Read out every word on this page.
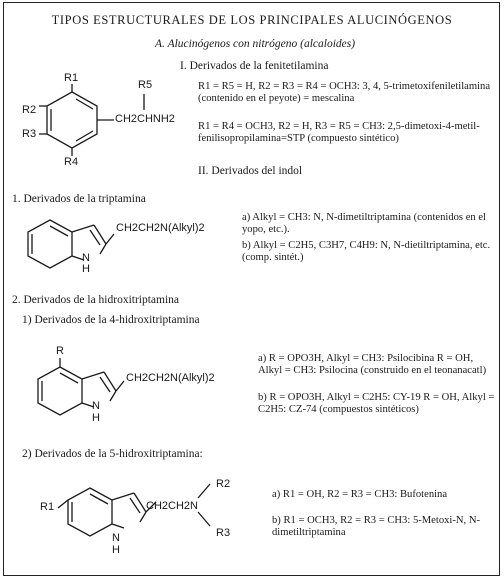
TIPOS ESTRUCTURALES DE LOS PRINCIPALES ALUCINÓGENOS
A. Alucinógenos con nitrógeno (alcaloides)
I. Derivados de la fenitetilamina
R1
R2
R3
R4
R5
CH2CHNH2
R1 = R5 = H, R2 = R3 = R4 = OCH3: 3, 4, 5-trimetoxifeniletilamina (contenido en el peyote) = mescalina
R1 = R4 = OCH3, R2 = H, R3 = R5 = CH3: 2,5-dimetoxi-4-metil-fenilisopropilamina=STP (compuesto sintético)
II. Derivados del indol
1. Derivados de la triptamina
N
H
CH2CH2N(Alkyl)2
a) Alkyl = CH3: N, N-dimetiltriptamina (contenidos en el yopo, etc.).
b) Alkyl = C2H5, C3H7, C4H9: N, N-dietiltriptamina, etc. (comp. sintét.)
2. Derivados de la hidroxitriptamina
1) Derivados de la 4-hidroxitriptamina
R
N
H
CH2CH2N(Alkyl)2
a) R = OPO3H, Alkyl = CH3: Psilocibina R = OH, Alkyl = CH3: Psilocina (construido en el teonanacatl)
b) R = OPO3H, Alkyl = C2H5: CY-19 R = OH, Alkyl = C2H5: CZ-74 (compuestos sintéticos)
2) Derivados de la 5-hidroxitriptamina:
R1
R2
R3
N
H
CH2CH2N
a) R1 = OH, R2 = R3 = CH3: Bufotenina
b) R1 = OCH3, R2 = R3 = CH3: 5-Metoxi-N, N-dimetiltriptamina
